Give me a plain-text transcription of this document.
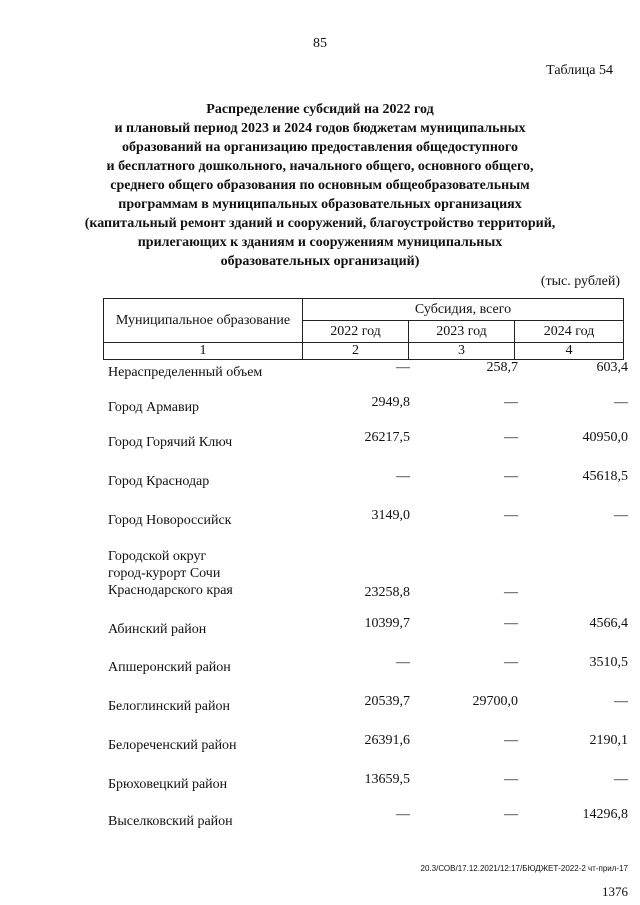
85
Таблица 54
Распределение субсидий на 2022 год
и плановый период 2023 и 2024 годов бюджетам муниципальных
образований на организацию предоставления общедоступного
и бесплатного дошкольного, начального общего, основного общего,
среднего общего образования по основным общеобразовательным
программам в муниципальных образовательных организациях
(капитальный ремонт зданий и сооружений, благоустройство территорий,
прилегающих к зданиям и сооружениям муниципальных
образовательных организаций)
(тыс. рублей)
Муниципальное образование	Субсидия, всего		
	2022 год	2023 год	2024 год
1	2	3	4
Нераспределенный объем	—	258,7	603,4
Город Армавир	2949,8	—	—
Город Горячий Ключ	26217,5	—	40950,0
Город Краснодар	—	—	45618,5
Город Новороссийск	3149,0	—	—
Городской округ
город-курорт Сочи
Краснодарского края	23258,8	—
Абинский район	10399,7	—	4566,4
Апшеронский район	—	—	3510,5
Белоглинский район	20539,7	29700,0	—
Белореченский район	26391,6	—	2190,1
Брюховецкий район	13659,5	—	—
Выселковский район	—	—	14296,8
20.3/СОВ/17.12.2021/12:17/БЮДЖЕТ-2022-2 чт-прил-17
1376
